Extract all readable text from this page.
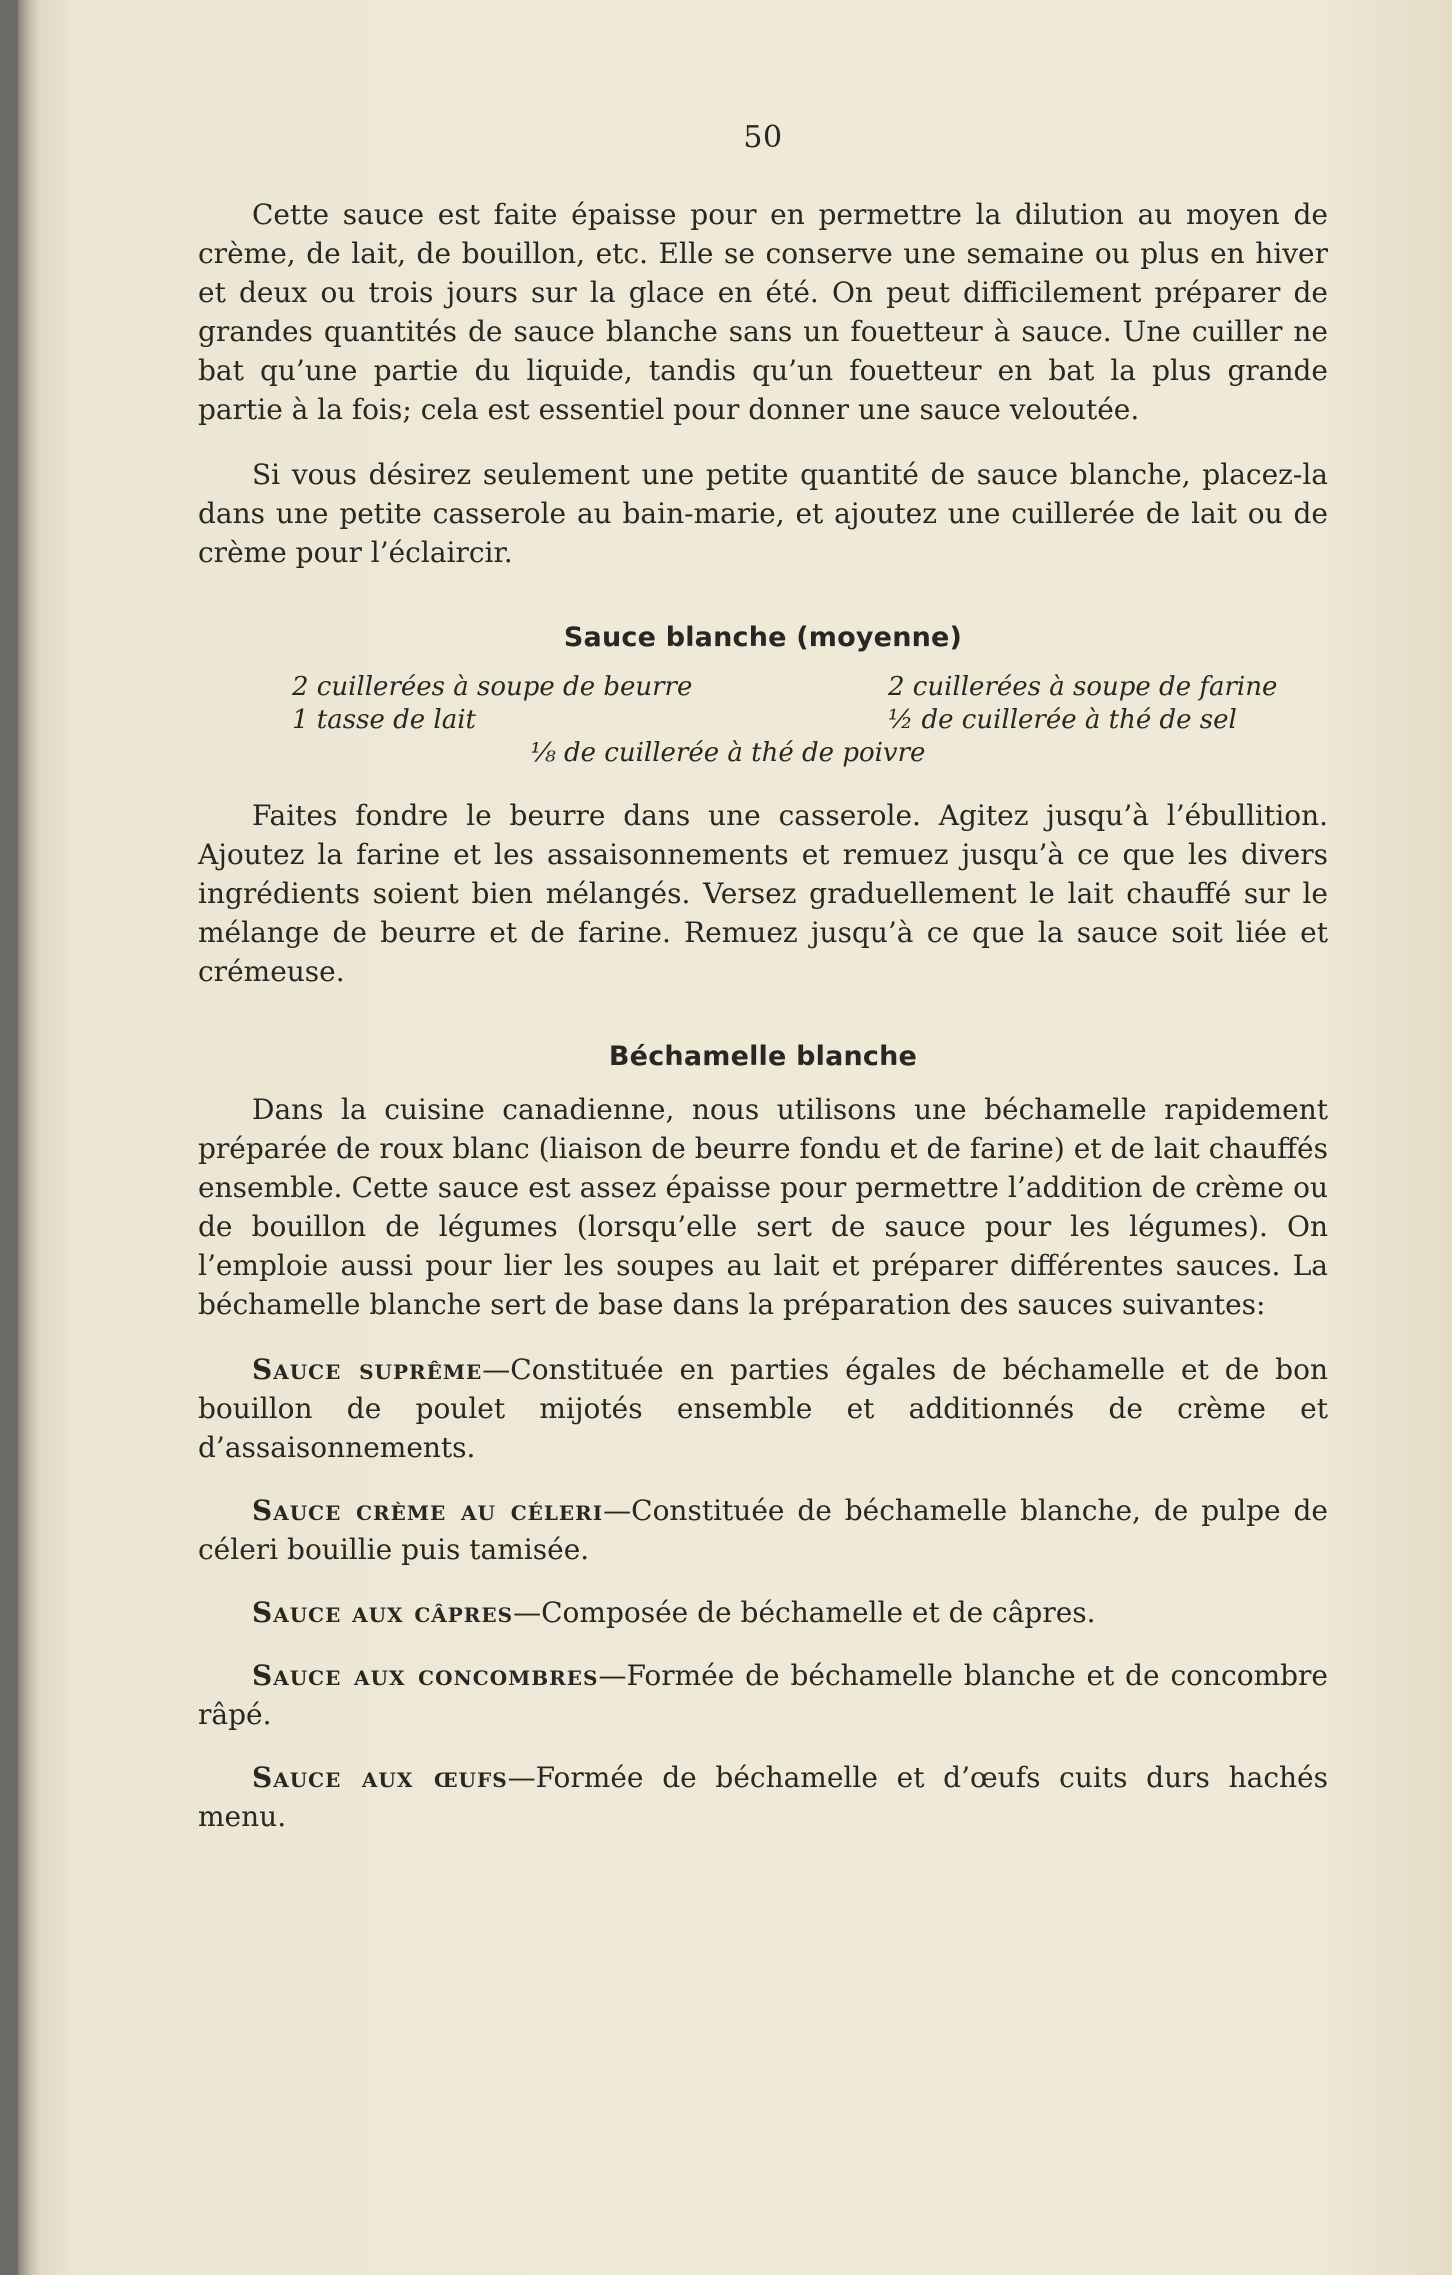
50

Cette sauce est faite épaisse pour en permettre la dilution au moyen de crème, de lait, de bouillon, etc. Elle se conserve une semaine ou plus en hiver et deux ou trois jours sur la glace en été. On peut difficilement préparer de grandes quantités de sauce blanche sans un fouetteur à sauce. Une cuiller ne bat qu’une partie du liquide, tandis qu’un fouetteur en bat la plus grande partie à la fois; cela est essentiel pour donner une sauce veloutée.

Si vous désirez seulement une petite quantité de sauce blanche, placez-la dans une petite casserole au bain-marie, et ajoutez une cuillerée de lait ou de crème pour l’éclaircir.

Sauce blanche (moyenne)
2 cuillerées à soupe de beurre	2 cuillerées à soupe de farine
1 tasse de lait	½ de cuillerée à thé de sel
⅛ de cuillerée à thé de poivre

Faites fondre le beurre dans une casserole. Agitez jusqu’à l’ébullition. Ajoutez la farine et les assaisonnements et remuez jusqu’à ce que les divers ingrédients soient bien mélangés. Versez graduellement le lait chauffé sur le mélange de beurre et de farine. Remuez jusqu’à ce que la sauce soit liée et crémeuse.

Béchamelle blanche

Dans la cuisine canadienne, nous utilisons une béchamelle rapidement préparée de roux blanc (liaison de beurre fondu et de farine) et de lait chauffés ensemble. Cette sauce est assez épaisse pour permettre l’addition de crème ou de bouillon de légumes (lorsqu’elle sert de sauce pour les légumes). On l’emploie aussi pour lier les soupes au lait et préparer différentes sauces. La béchamelle blanche sert de base dans la préparation des sauces suivantes:

Sauce suprême—Constituée en parties égales de béchamelle et de bon bouillon de poulet mijotés ensemble et additionnés de crème et d’assaisonnements.

Sauce crème au céleri—Constituée de béchamelle blanche, de pulpe de céleri bouillie puis tamisée.

Sauce aux câpres—Composée de béchamelle et de câpres.

Sauce aux concombres—Formée de béchamelle blanche et de concombre râpé.

Sauce aux œufs—Formée de béchamelle et d’œufs cuits durs hachés menu.
